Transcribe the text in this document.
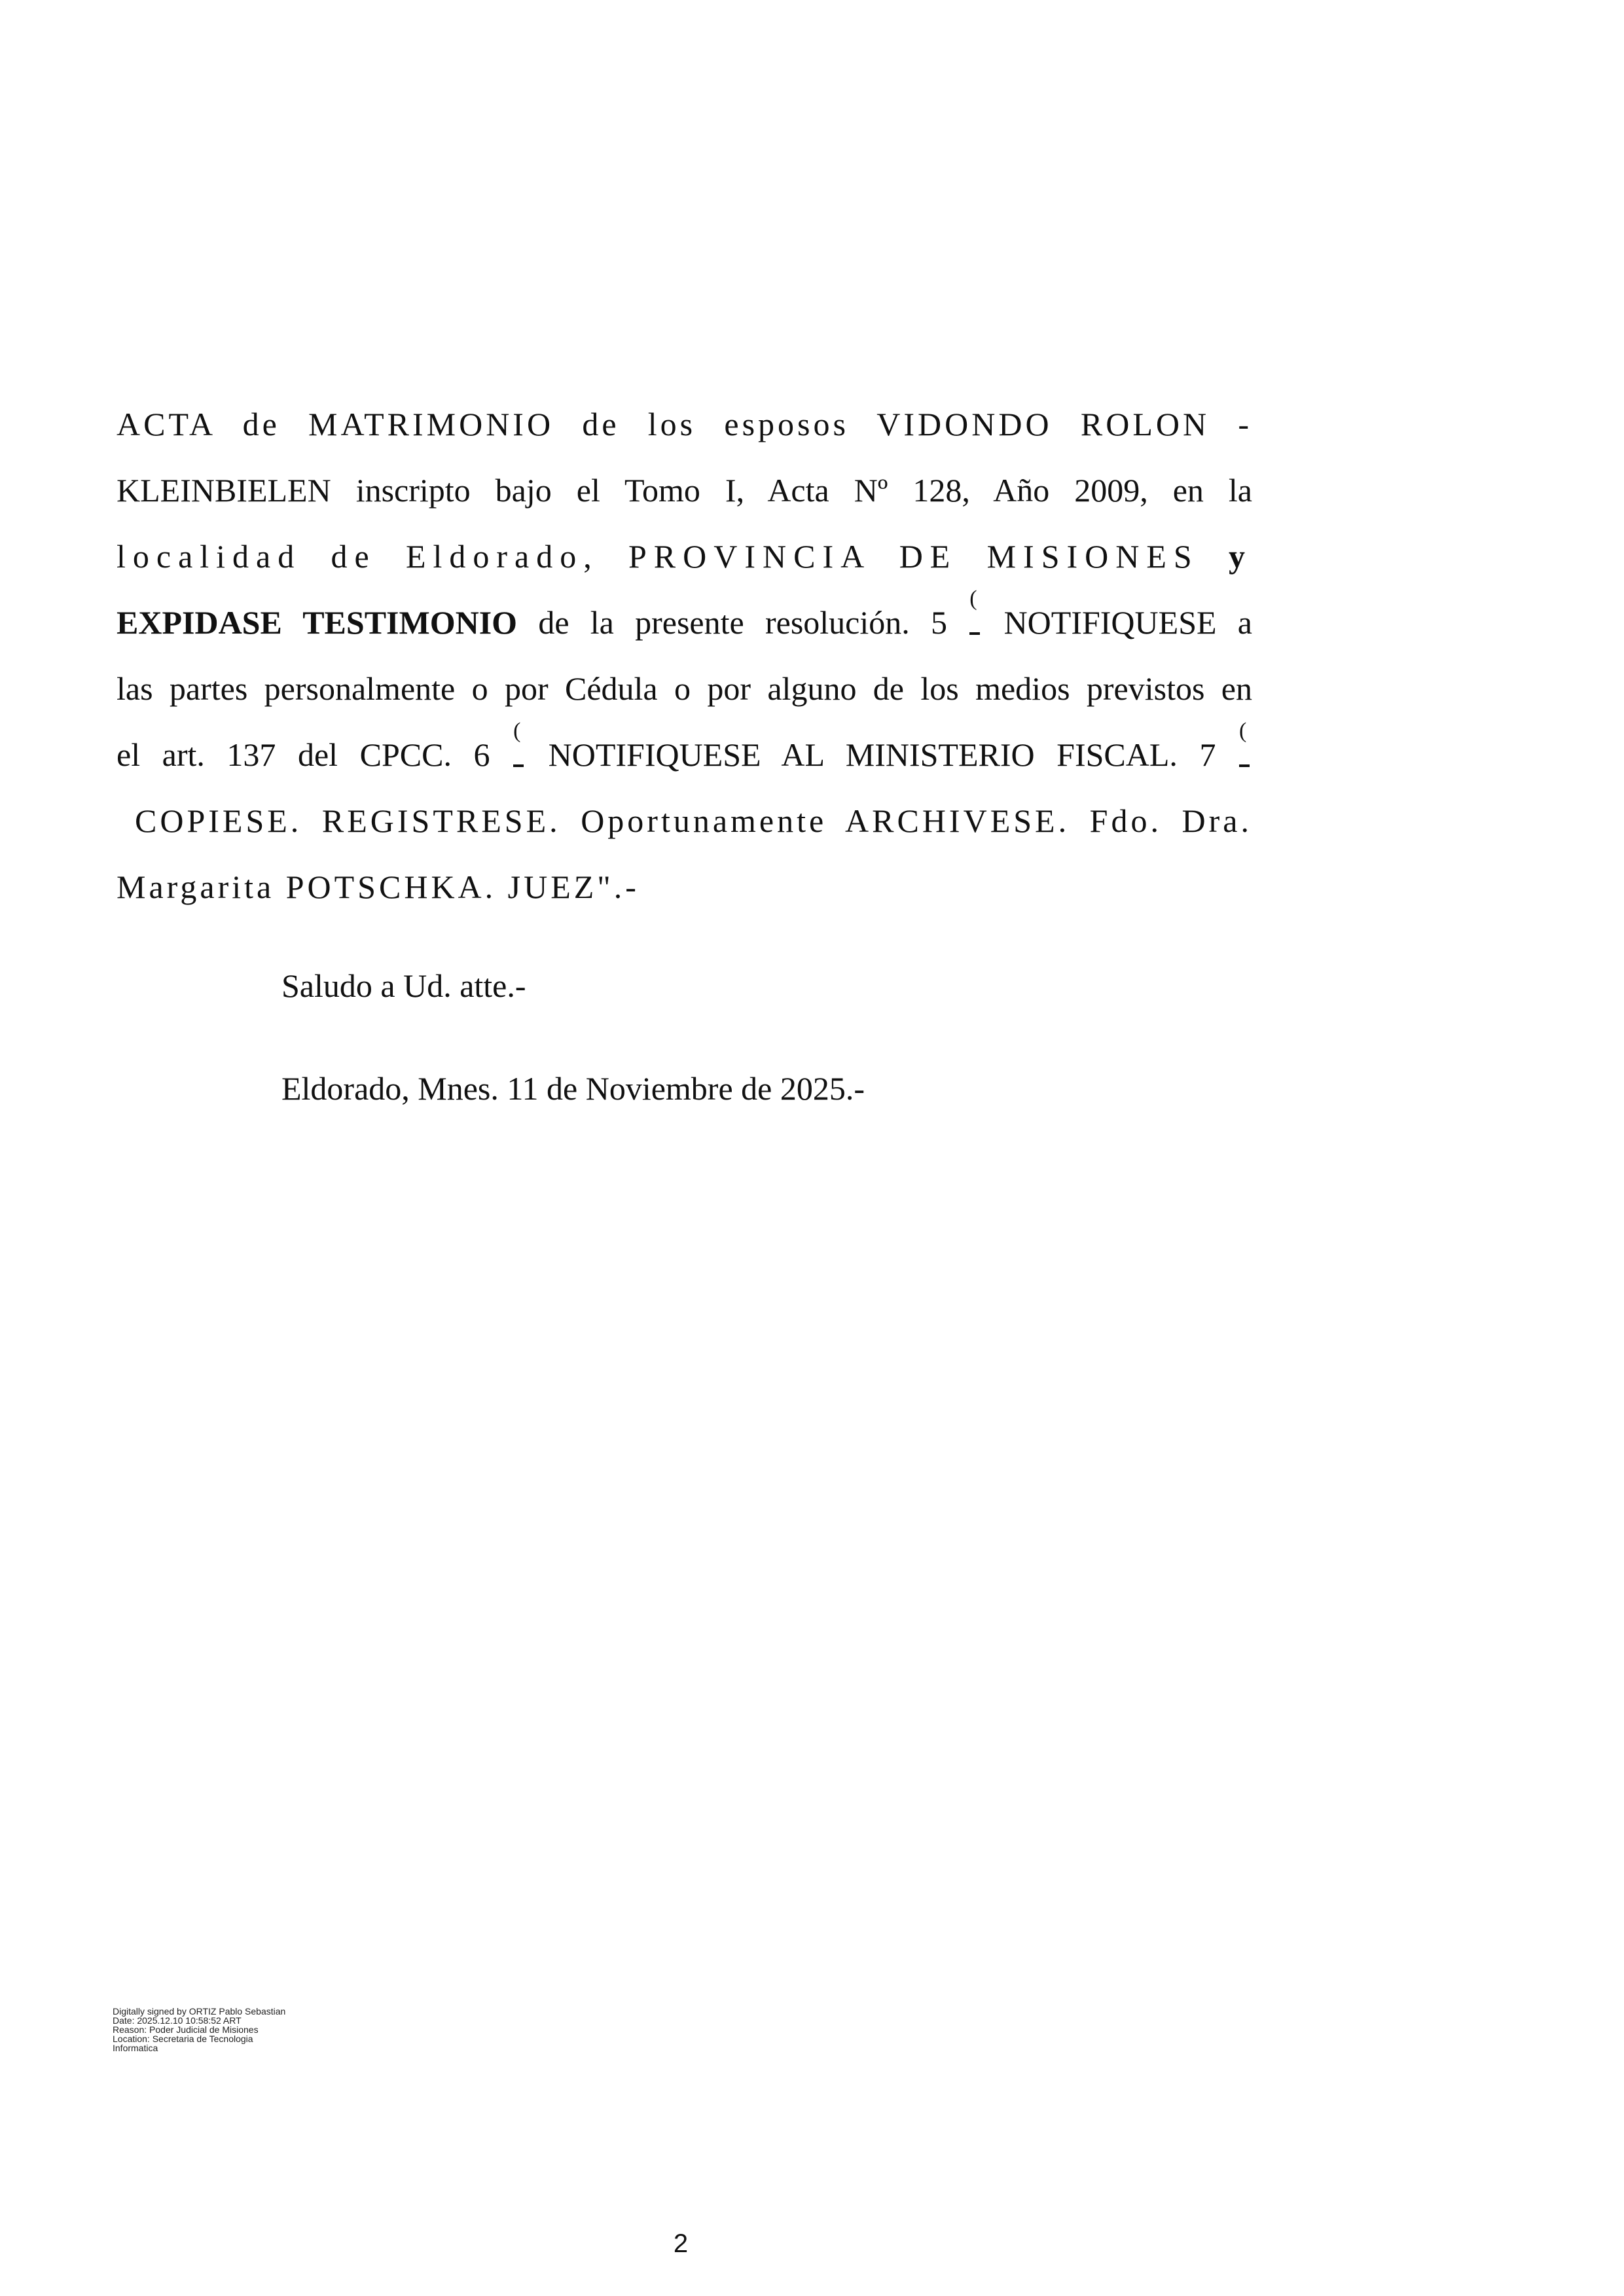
ACTA de MATRIMONIO de los esposos VIDONDO ROLON -
KLEINBIELEN inscripto bajo el Tomo I, Acta Nº 128, Año 2009, en la
localidad de Eldorado, PROVINCIA DE MISIONES y
EXPIDASE TESTIMONIO de la presente resolución. 5
(
NOTIFIQUESE a
las partes personalmente o por Cédula o por alguno de los medios previstos en
el art. 137 del CPCC. 6
(
NOTIFIQUESE AL MINISTERIO FISCAL. 7
(
COPIESE. REGISTRESE. Oportunamente ARCHIVESE. Fdo. Dra.
Margarita POTSCHKA. JUEZ".-
Saludo a Ud. atte.-
Eldorado, Mnes. 11 de Noviembre de 2025.-
Digitally signed by ORTIZ Pablo Sebastian
Date: 2025.12.10 10:58:52 ART
Reason: Poder Judicial de Misiones
Location: Secretaria de Tecnologia
Informatica
2
